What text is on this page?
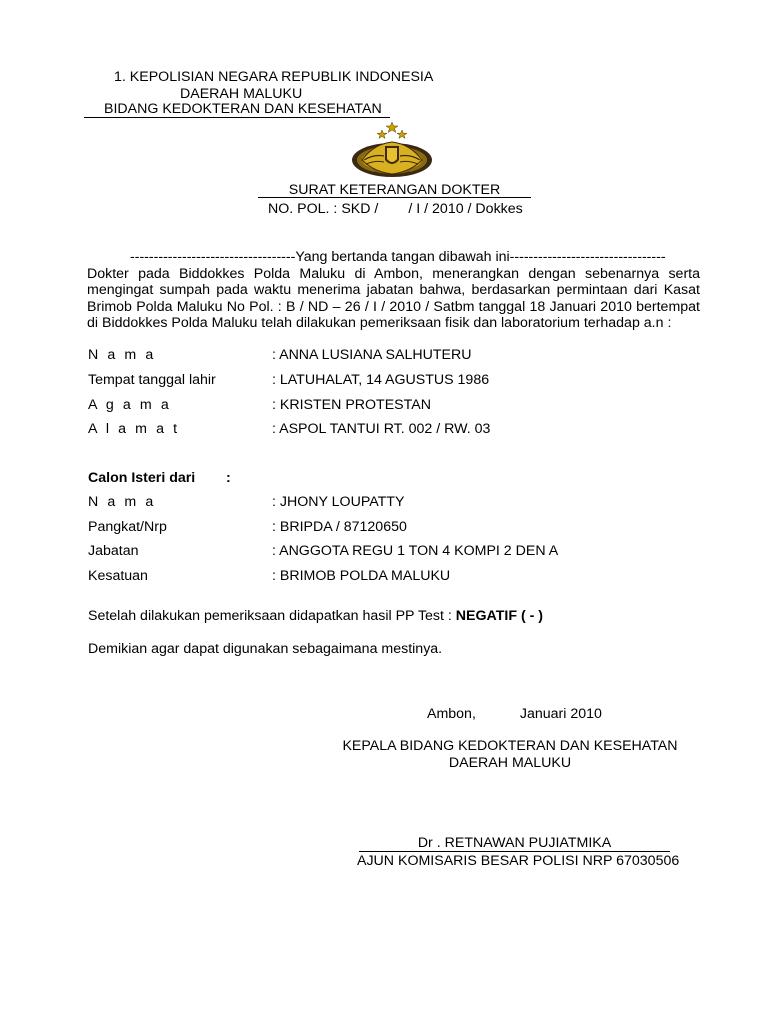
1. KEPOLISIAN NEGARA REPUBLIK INDONESIA
DAERAH MALUKU
BIDANG KEDOKTERAN DAN KESEHATAN
SURAT KETERANGAN DOKTER
NO. POL. : SKD / / I / 2010 / Dokkes
-----------------------------------Yang bertanda tangan dibawah ini---------------------------------
Dokter pada Biddokkes Polda Maluku di Ambon, menerangkan dengan sebenarnya serta mengingat sumpah pada waktu menerima jabatan bahwa, berdasarkan permintaan dari Kasat Brimob Polda Maluku No Pol. : B / ND – 26 / I / 2010 / Satbm tanggal 18 Januari 2010 bertempat di Biddokkes Polda Maluku telah dilakukan pemeriksaan fisik dan laboratorium terhadap a.n :
N a m a	: ANNA LUSIANA SALHUTERU
Tempat tanggal lahir	: LATUHALAT, 14 AGUSTUS 1986
A g a m a	: KRISTEN PROTESTAN
A l a m a t	: ASPOL TANTUI RT. 002 / RW. 03
Calon Isteri dari :
N a m a	: JHONY LOUPATTY
Pangkat/Nrp	: BRIPDA / 87120650
Jabatan	: ANGGOTA REGU 1 TON 4 KOMPI 2 DEN A
Kesatuan	: BRIMOB POLDA MALUKU
Setelah dilakukan pemeriksaan didapatkan hasil PP Test : NEGATIF ( - )
Demikian agar dapat digunakan sebagaimana mestinya.
Ambon,	Januari 2010
KEPALA BIDANG KEDOKTERAN DAN KESEHATAN
DAERAH MALUKU
Dr . RETNAWAN PUJIATMIKA
AJUN KOMISARIS BESAR POLISI NRP 67030506
